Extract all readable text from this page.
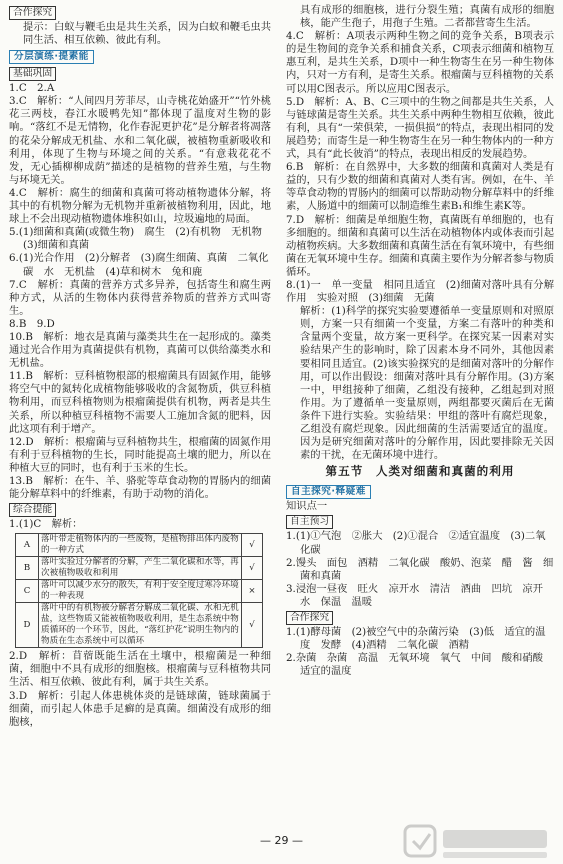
合作探究

提示：白蚁与鞭毛虫是共生关系，因为白蚁和鞭毛虫共同生活、相互依赖、彼此有利。

分层演练·提素能
基础巩固

1.C　2.A

3.C　解析：“人间四月芳菲尽，山寺桃花始盛开”“竹外桃花三两枝，春江水暖鸭先知”都体现了温度对生物的影响。“落红不是无情物，化作春泥更护花”是分解者将凋落的花朵分解成无机盐、水和二氧化碳，被植物重新吸收和利用，体现了生物与环境之间的关系。“有意栽花花不发，无心插柳柳成荫”描述的是植物的营养生殖，与生物与环境无关。

4.C　解析：腐生的细菌和真菌可将动植物遗体分解，将其中的有机物分解为无机物并重新被植物利用，因此，地球上不会出现动植物遗体堆积如山，垃圾遍地的局面。

5.(1)细菌和真菌(或微生物)　腐生　(2)有机物　无机物

(3)细菌和真菌

6.(1)光合作用　(2)分解者　(3)腐生细菌、真菌　二氧化

碳　水　无机盐　(4)草和树木　兔和鹿

7.C　解析：真菌的营养方式多异养，包括寄生和腐生两种方式，从活的生物体内获得营养物质的营养方式叫寄生。

8.B　9.D

10.B　解析：地衣是真菌与藻类共生在一起形成的。藻类通过光合作用为真菌提供有机物，真菌可以供给藻类水和无机盐。

11.B　解析：豆科植物根部的根瘤菌具有固氮作用，能够将空气中的氮转化成植物能够吸收的含氮物质，供豆科植物利用，而豆科植物则为根瘤菌提供有机物，两者是共生关系，所以种植豆科植物不需要人工施加含氮的肥料，因此这项有利于增产。

12.D　解析：根瘤菌与豆科植物共生，根瘤菌的固氮作用有利于豆科植物的生长，同时能提高土壤的肥力，所以在种植大豆的同时，也有利于玉米的生长。

13.B　解析：在牛、羊、骆驼等草食动物的胃肠内的细菌能分解草料中的纤维素，有助于动物的消化。

综合提能

1.(1)C　解析：

A	落叶带走植物体内的一些废物，是植物排出体内废物的一种方式	√
B	落叶实验过分解者的分解，产生二氧化碳和水等，再次被植物吸收和利用	√
C	落叶可以减少水分的散失，有利于安全度过寒冷环境的一种表现	×
D	落叶中的有机物被分解者分解成二氧化碳、水和无机盐，这些物质又能被植物吸收利用，是生态系统中物质循环的一个环节，因此，“落红护花”说明生物内的物质在生态系统中可以循环	√

2.D　解析：苜蓿既能生活在土壤中，根瘤菌是一种细菌，细胞中不具有成形的细胞核。根瘤菌与豆科植物共同生活、相互依赖、彼此有利，属于共生关系。

3.D　解析：引起人体患桃体炎的是链球菌，链球菌属于细菌，而引起人体患手足癣的是真菌。细菌没有成形的细胞核，

具有成形的细胞核，进行分裂生殖；真菌有成形的细胞核，能产生孢子，用孢子生殖。二者都营寄生生活。

4.C　解析：A项表示两种生物之间的竞争关系，B项表示的是生物间的竞争关系和捕食关系，C项表示细菌和植物互惠互利，是共生关系，D项中一种生物寄生在另一种生物体内，只对一方有利，是寄生关系。根瘤菌与豆科植物的关系可以用C图表示。所以应用C图表示。

5.D　解析：A、B、C三项中的生物之间都是共生关系，人与链球菌是寄生关系。共生关系中两种生物相互依赖，彼此有利，具有“一荣俱荣，一损俱损”的特点，表现出相同的发展趋势；而寄生是一种生物寄生在另一种生物体内的一种方式，具有“此长彼消”的特点，表现出相反的发展趋势。

6.B　解析：在自然界中，大多数的细菌和真菌对人类是有益的，只有少数的细菌和真菌对人类有害。例如，在牛、羊等草食动物的胃肠内的细菌可以帮助动物分解草料中的纤维素，人肠道中的细菌可以制造维生素B₁和维生素K等。

7.D　解析：细菌是单细胞生物，真菌既有单细胞的，也有多细胞的。细菌和真菌可以生活在动植物体内或体表而引起动植物疾病。大多数细菌和真菌生活在有氧环境中，有些细菌在无氧环境中生存。细菌和真菌主要作为分解者参与物质循环。

8.(1)一　单一变量　相同且适宜　(2)细菌对落叶具有分解作用　实验对照　(3)细菌　无菌

解析：(1)科学的探究实验要遵循单一变量原则和对照原则，方案一只有细菌一个变量，方案二有落叶的种类和含量两个变量，故方案一更科学。在探究某一因素对实验结果产生的影响时，除了因素本身不同外，其他因素要相同且适宜。(2)该实验探究的是细菌对落叶的分解作用，可以作出假设：细菌对落叶具有分解作用。(3)方案一中，甲组接种了细菌，乙组没有接种，乙组起到对照作用。为了遵循单一变量原则，两组都要灭菌后在无菌条件下进行实验。实验结果：甲组的落叶有腐烂现象，乙组没有腐烂现象。因此细菌的生活需要适宜的温度。因为是研究细菌对落叶的分解作用，因此要排除无关因素的干扰，在无菌环境中进行。

第五节　人类对细菌和真菌的利用
自主探究·释疑难

知识点一

自主预习

1.(1)①气泡　②胀大　(2)①混合　②适宜温度　(3)二氧

化碳

2.馒头　面包　酒精　二氧化碳　酸奶、泡菜　醋　酱　细

菌和真菌

3.浸泡一昼夜　旺火　凉开水　清洁　酒曲　凹坑　凉开

水　保温　温暖

合作探究

1.(1)酵母菌　(2)被空气中的杂菌污染　(3)低　适宜的温

度　发酵　(4)酒精　二氧化碳　酒精

2.杂菌　杂菌　高温　无氧环境　氧气　中间　酸和硝酸

适宜的温度

— 29 —
